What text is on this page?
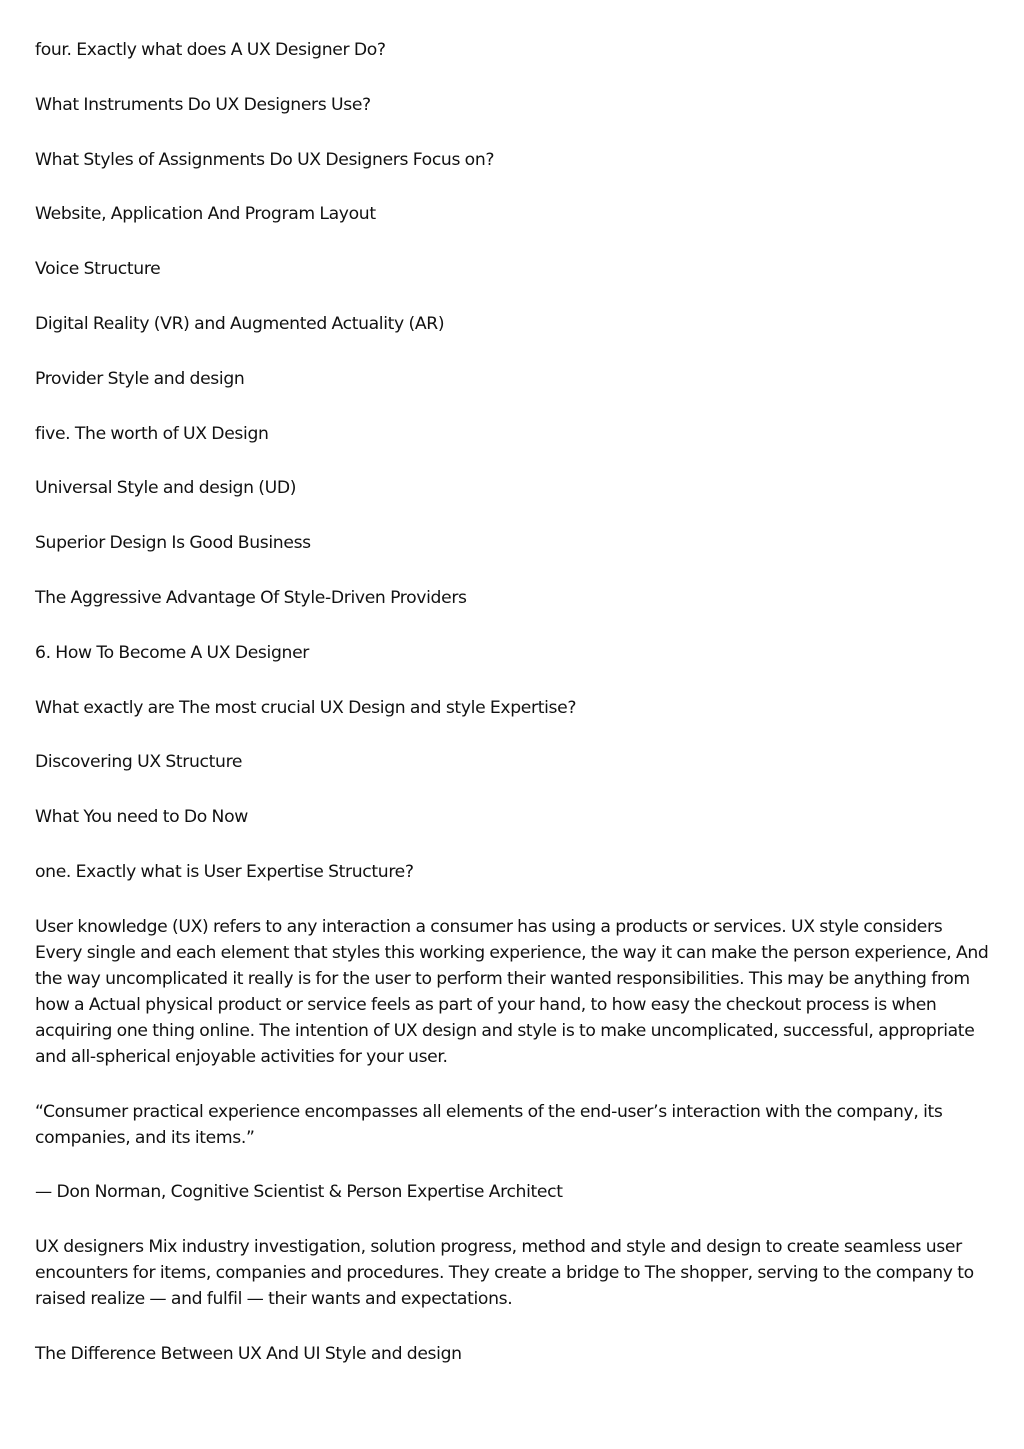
four. Exactly what does A UX Designer Do?
What Instruments Do UX Designers Use?
What Styles of Assignments Do UX Designers Focus on?
Website, Application And Program Layout
Voice Structure
Digital Reality (VR) and Augmented Actuality (AR)
Provider Style and design
five. The worth of UX Design
Universal Style and design (UD)
Superior Design Is Good Business
The Aggressive Advantage Of Style-Driven Providers
6. How To Become A UX Designer
What exactly are The most crucial UX Design and style Expertise?
Discovering UX Structure
What You need to Do Now
one. Exactly what is User Expertise Structure?

User knowledge (UX) refers to any interaction a consumer has using a products or services. UX style considers Every single and each element that styles this working experience, the way it can make the person experience, And the way uncomplicated it really is for the user to perform their wanted responsibilities. This may be anything from how a Actual physical product or service feels as part of your hand, to how easy the checkout process is when acquiring one thing online. The intention of UX design and style is to make uncomplicated, successful, appropriate and all-spherical enjoyable activities for your user.

“Consumer practical experience encompasses all elements of the end-user’s interaction with the company, its companies, and its items.”

— Don Norman, Cognitive Scientist & Person Expertise Architect

UX designers Mix industry investigation, solution progress, method and style and design to create seamless user encounters for items, companies and procedures. They create a bridge to The shopper, serving to the company to raised realize — and fulfil — their wants and expectations.

The Difference Between UX And UI Style and design
